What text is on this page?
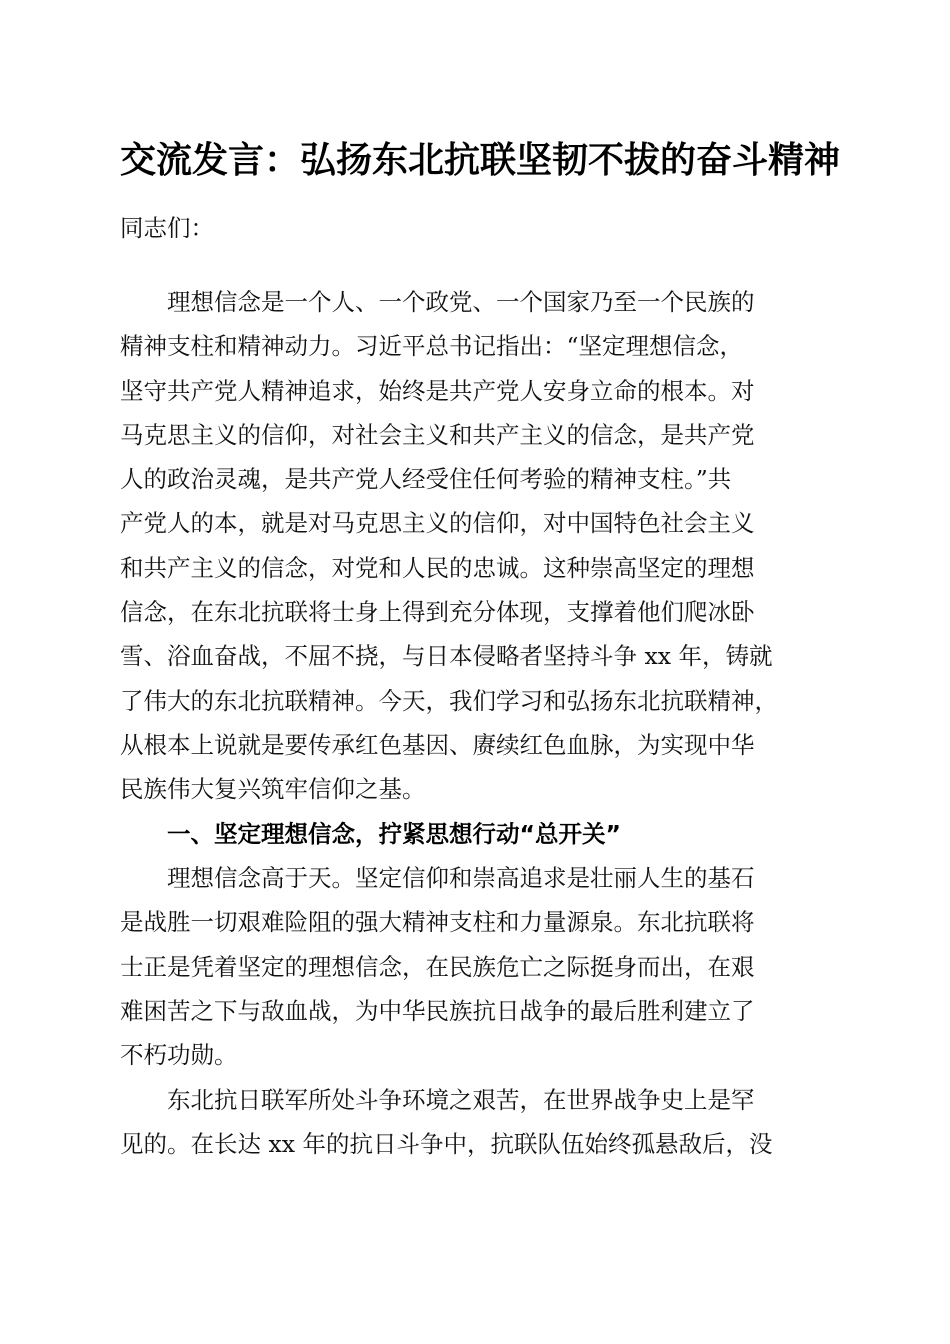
交流发言：弘扬东北抗联坚韧不拔的奋斗精神
同志们：
理想信念是一个人、一个政党、一个国家乃至一个民族的
精神支柱和精神动力。习近平总书记指出：“坚定理想信念，
坚守共产党人精神追求，始终是共产党人安身立命的根本。对
马克思主义的信仰，对社会主义和共产主义的信念，是共产党
人的政治灵魂，是共产党人经受住任何考验的精神支柱。”共
产党人的本，就是对马克思主义的信仰，对中国特色社会主义
和共产主义的信念，对党和人民的忠诚。这种崇高坚定的理想
信念，在东北抗联将士身上得到充分体现，支撑着他们爬冰卧
雪、浴血奋战，不屈不挠，与日本侵略者坚持斗争 xx 年，铸就
了伟大的东北抗联精神。今天，我们学习和弘扬东北抗联精神，
从根本上说就是要传承红色基因、赓续红色血脉，为实现中华
民族伟大复兴筑牢信仰之基。
一、坚定理想信念，拧紧思想行动“总开关”
理想信念高于天。坚定信仰和崇高追求是壮丽人生的基石
是战胜一切艰难险阻的强大精神支柱和力量源泉。东北抗联将
士正是凭着坚定的理想信念，在民族危亡之际挺身而出，在艰
难困苦之下与敌血战，为中华民族抗日战争的最后胜利建立了
不朽功勋。
东北抗日联军所处斗争环境之艰苦，在世界战争史上是罕
见的。在长达 xx 年的抗日斗争中，抗联队伍始终孤悬敌后，没
